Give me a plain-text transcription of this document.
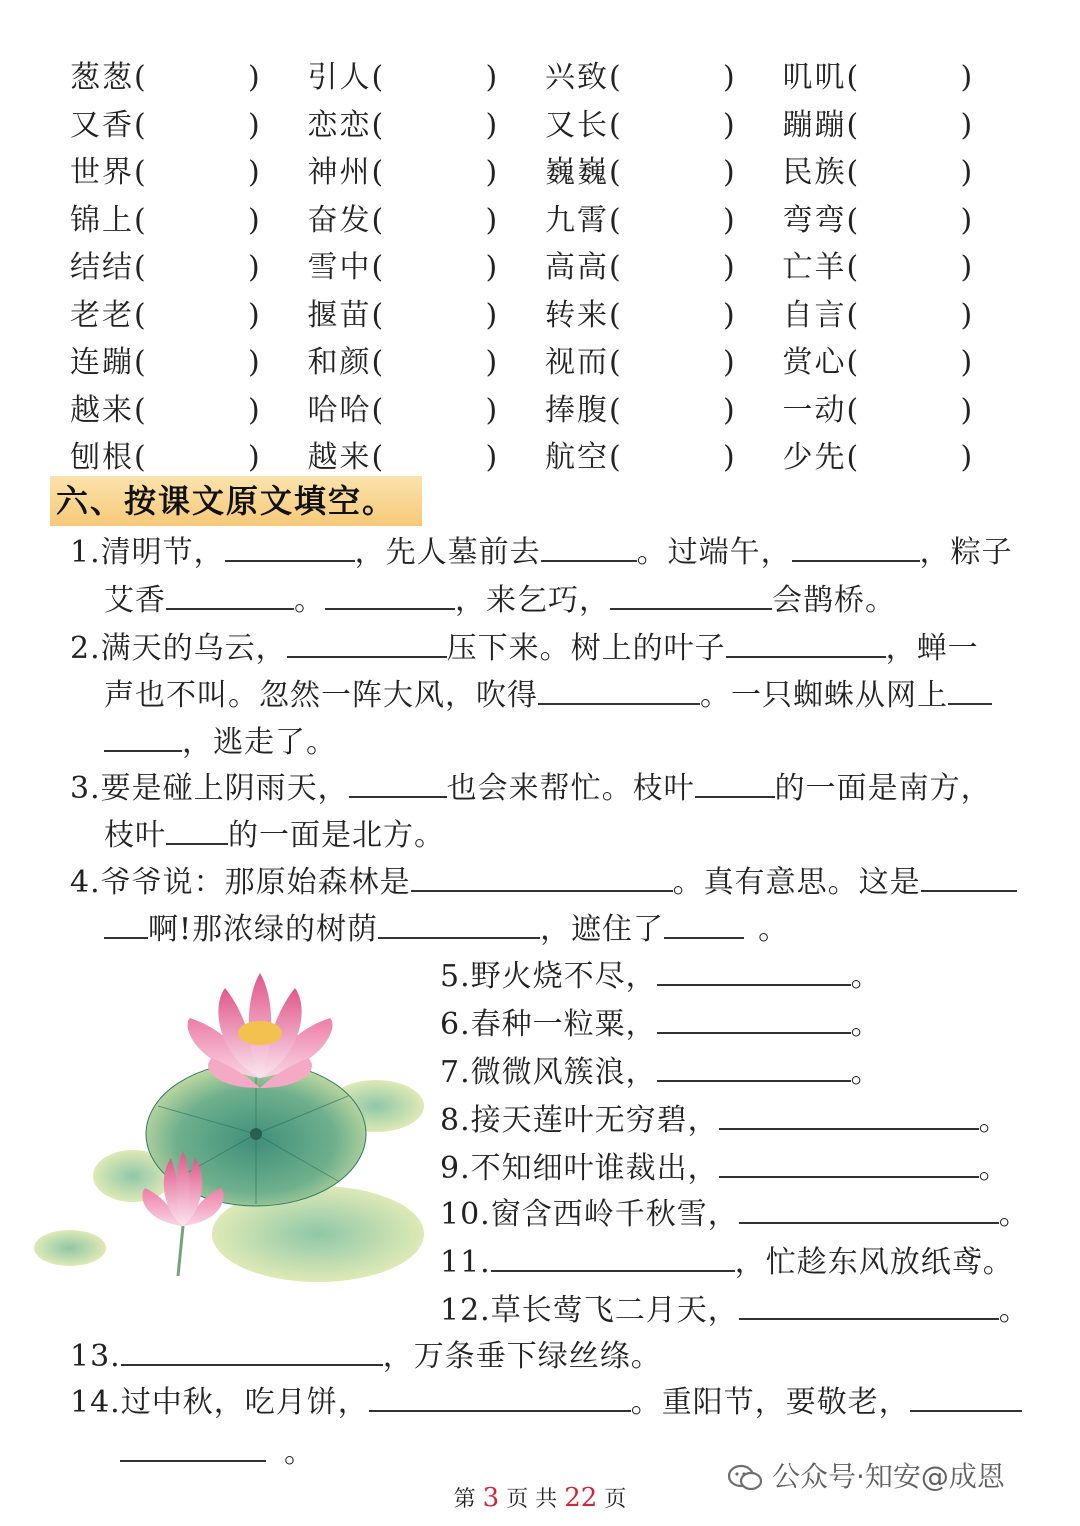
葱葱 (	) 引人 (	) 兴致 (	) 叽叽 (	)
又香 (	) 恋恋 (	) 又长 (	) 蹦蹦 (	)
世界 (	) 神州 (	) 巍巍 (	) 民族 (	)
锦上 (	) 奋发 (	) 九霄 (	) 弯弯 (	)
结结 (	) 雪中 (	) 高高 (	) 亡羊 (	)
老老 (	) 揠苗 (	) 转来 (	) 自言 (	)
连蹦 (	) 和颜 (	) 视而 (	) 赏心 (	)
越来 (	) 哈哈 (	) 捧腹 (	) 一动 (	)
刨根 (	) 越来 (	) 航空 (	) 少先 (	)
六、按课文原文填空。
1.清明节，	，先人墓前去	。过端午，	，粽子
艾香	。	，来乞巧，	会鹊桥。
2.满天的乌云，	压下来。树上的叶子	，蝉一
声也不叫。忽然一阵大风，吹得	。一只蜘蛛从网上
，逃走了。
3.要是碰上阴雨天，	也会来帮忙。枝叶	的一面是南方，
枝叶 的一面是北方。
4.爷爷说：那原始森林是	。真有意思。这是
啊!那浓绿的树荫	，遮住了	。
5.野火烧不尽，	。
6.春种一粒粟，	。
7.微微风簇浪，	。
8.接天莲叶无穷碧，	。
9.不知细叶谁裁出，	。
10.窗含西岭千秋雪，	。
11.	，忙趁东风放纸鸢。
12.草长莺飞二月天，	。
13.	，万条垂下绿丝绦。
14.过中秋，吃月饼，	。重阳节，要敬老，
。
公众号·知安@成恩
第 3 页 共 22 页
